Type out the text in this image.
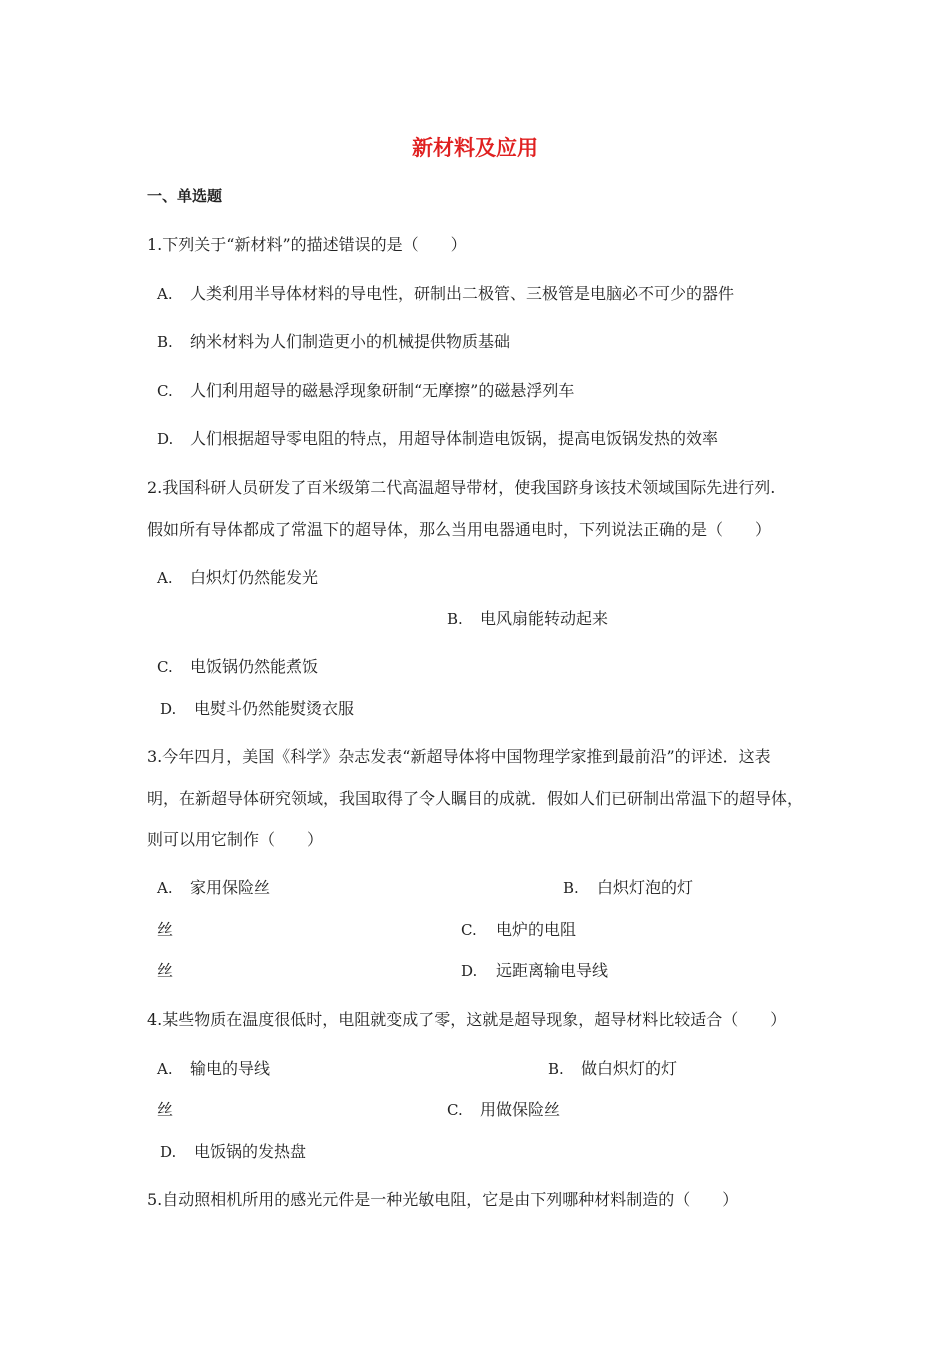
新材料及应用
一、单选题
1.下列关于“新材料”的描述错误的是（　　）
A. 人类利用半导体材料的导电性，研制出二极管、三极管是电脑必不可少的器件
B. 纳米材料为人们制造更小的机械提供物质基础
C. 人们利用超导的磁悬浮现象研制“无摩擦”的磁悬浮列车
D. 人们根据超导零电阻的特点，用超导体制造电饭锅，提高电饭锅发热的效率
2.我国科研人员研发了百米级第二代高温超导带材，使我国跻身该技术领域国际先进行列.
假如所有导体都成了常温下的超导体，那么当用电器通电时，下列说法正确的是（　　）
A. 白炽灯仍然能发光
B. 电风扇能转动起来
C. 电饭锅仍然能煮饭
D. 电熨斗仍然能熨烫衣服
3.今年四月，美国《科学》杂志发表“新超导体将中国物理学家推到最前沿”的评述．这表
明，在新超导体研究领域，我国取得了令人瞩目的成就．假如人们已研制出常温下的超导体，
则可以用它制作（　　）
A. 家用保险丝	B. 白炽灯泡的灯
丝	C. 电炉的电阻
丝	D. 远距离输电导线
4.某些物质在温度很低时，电阻就变成了零，这就是超导现象，超导材料比较适合（　　）
A. 输电的导线	B. 做白炽灯的灯
丝	C. 用做保险丝
D. 电饭锅的发热盘
5.自动照相机所用的感光元件是一种光敏电阻，它是由下列哪种材料制造的（　　）
